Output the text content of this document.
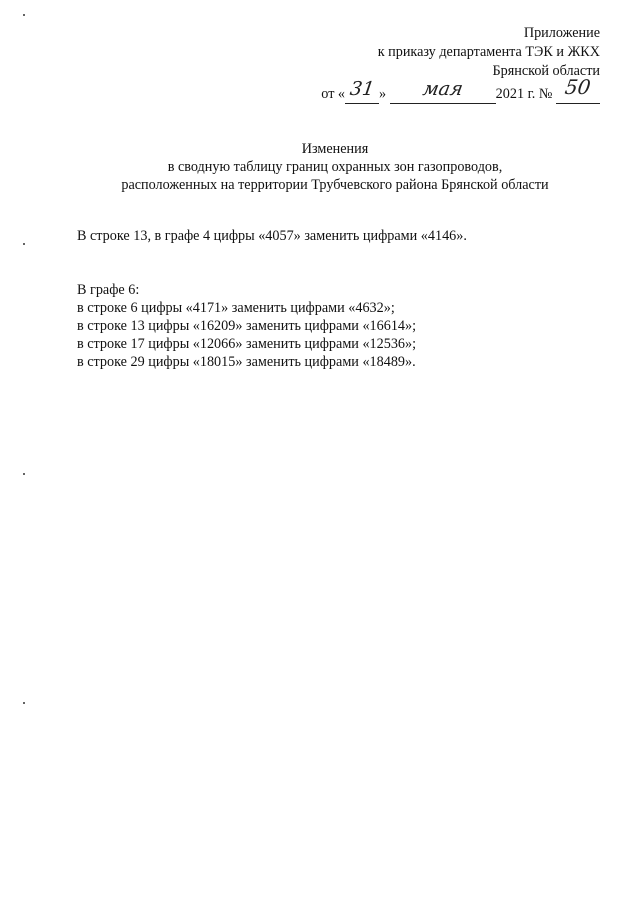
Приложение
к приказу департамента ТЭК и ЖКХ
Брянской области
от « 31 » мая 2021 г. № 50
Изменения
в сводную таблицу границ охранных зон газопроводов,
расположенных на территории Трубчевского района Брянской области
В строке 13, в графе 4 цифры «4057» заменить цифрами «4146».
В графе 6:
в строке 6 цифры «4171» заменить цифрами «4632»;
в строке 13 цифры «16209» заменить цифрами «16614»;
в строке 17 цифры «12066» заменить цифрами «12536»;
в строке 29 цифры «18015» заменить цифрами «18489».
